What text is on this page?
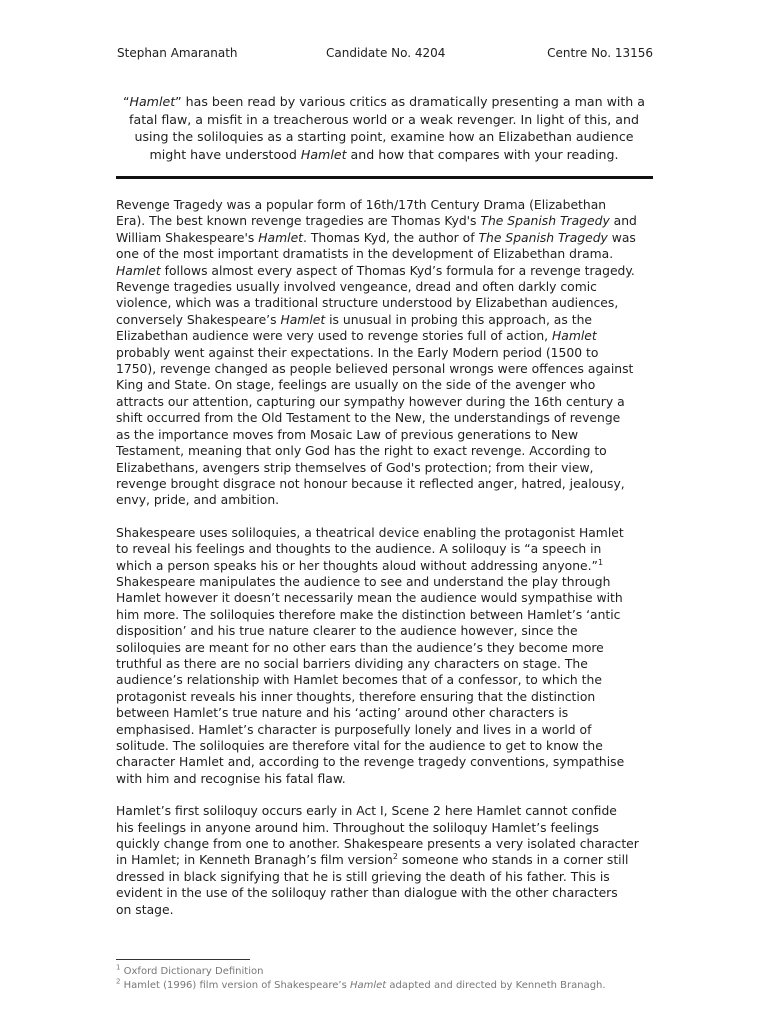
Stephan Amaranath	Candidate No. 4204	Centre No. 13156
“Hamlet” has been read by various critics as dramatically presenting a man with a
fatal flaw, a misfit in a treacherous world or a weak revenger. In light of this, and
using the soliloquies as a starting point, examine how an Elizabethan audience
might have understood Hamlet and how that compares with your reading.

Revenge Tragedy was a popular form of 16th/17th Century Drama (Elizabethan
Era). The best known revenge tragedies are Thomas Kyd's The Spanish Tragedy and
William Shakespeare's Hamlet. Thomas Kyd, the author of The Spanish Tragedy was
one of the most important dramatists in the development of Elizabethan drama.
Hamlet follows almost every aspect of Thomas Kyd’s formula for a revenge tragedy.
Revenge tragedies usually involved vengeance, dread and often darkly comic
violence, which was a traditional structure understood by Elizabethan audiences,
conversely Shakespeare’s Hamlet is unusual in probing this approach, as the
Elizabethan audience were very used to revenge stories full of action, Hamlet
probably went against their expectations. In the Early Modern period (1500 to
1750), revenge changed as people believed personal wrongs were offences against
King and State. On stage, feelings are usually on the side of the avenger who
attracts our attention, capturing our sympathy however during the 16th century a
shift occurred from the Old Testament to the New, the understandings of revenge
as the importance moves from Mosaic Law of previous generations to New
Testament, meaning that only God has the right to exact revenge. According to
Elizabethans, avengers strip themselves of God's protection; from their view,
revenge brought disgrace not honour because it reflected anger, hatred, jealousy,
envy, pride, and ambition.

Shakespeare uses soliloquies, a theatrical device enabling the protagonist Hamlet
to reveal his feelings and thoughts to the audience. A soliloquy is “a speech in
which a person speaks his or her thoughts aloud without addressing anyone.”$^1$
Shakespeare manipulates the audience to see and understand the play through
Hamlet however it doesn’t necessarily mean the audience would sympathise with
him more. The soliloquies therefore make the distinction between Hamlet’s ‘antic
disposition’ and his true nature clearer to the audience however, since the
soliloquies are meant for no other ears than the audience’s they become more
truthful as there are no social barriers dividing any characters on stage. The
audience’s relationship with Hamlet becomes that of a confessor, to which the
protagonist reveals his inner thoughts, therefore ensuring that the distinction
between Hamlet’s true nature and his ‘acting’ around other characters is
emphasised. Hamlet’s character is purposefully lonely and lives in a world of
solitude. The soliloquies are therefore vital for the audience to get to know the
character Hamlet and, according to the revenge tragedy conventions, sympathise
with him and recognise his fatal flaw.

Hamlet’s first soliloquy occurs early in Act I, Scene 2 here Hamlet cannot confide
his feelings in anyone around him. Throughout the soliloquy Hamlet’s feelings
quickly change from one to another. Shakespeare presents a very isolated character
in Hamlet; in Kenneth Branagh’s film version$^2$ someone who stands in a corner still
dressed in black signifying that he is still grieving the death of his father. This is
evident in the use of the soliloquy rather than dialogue with the other characters
on stage.

$^1$ Oxford Dictionary Definition
$^2$ Hamlet (1996) film version of Shakespeare’s Hamlet adapted and directed by Kenneth Branagh.
